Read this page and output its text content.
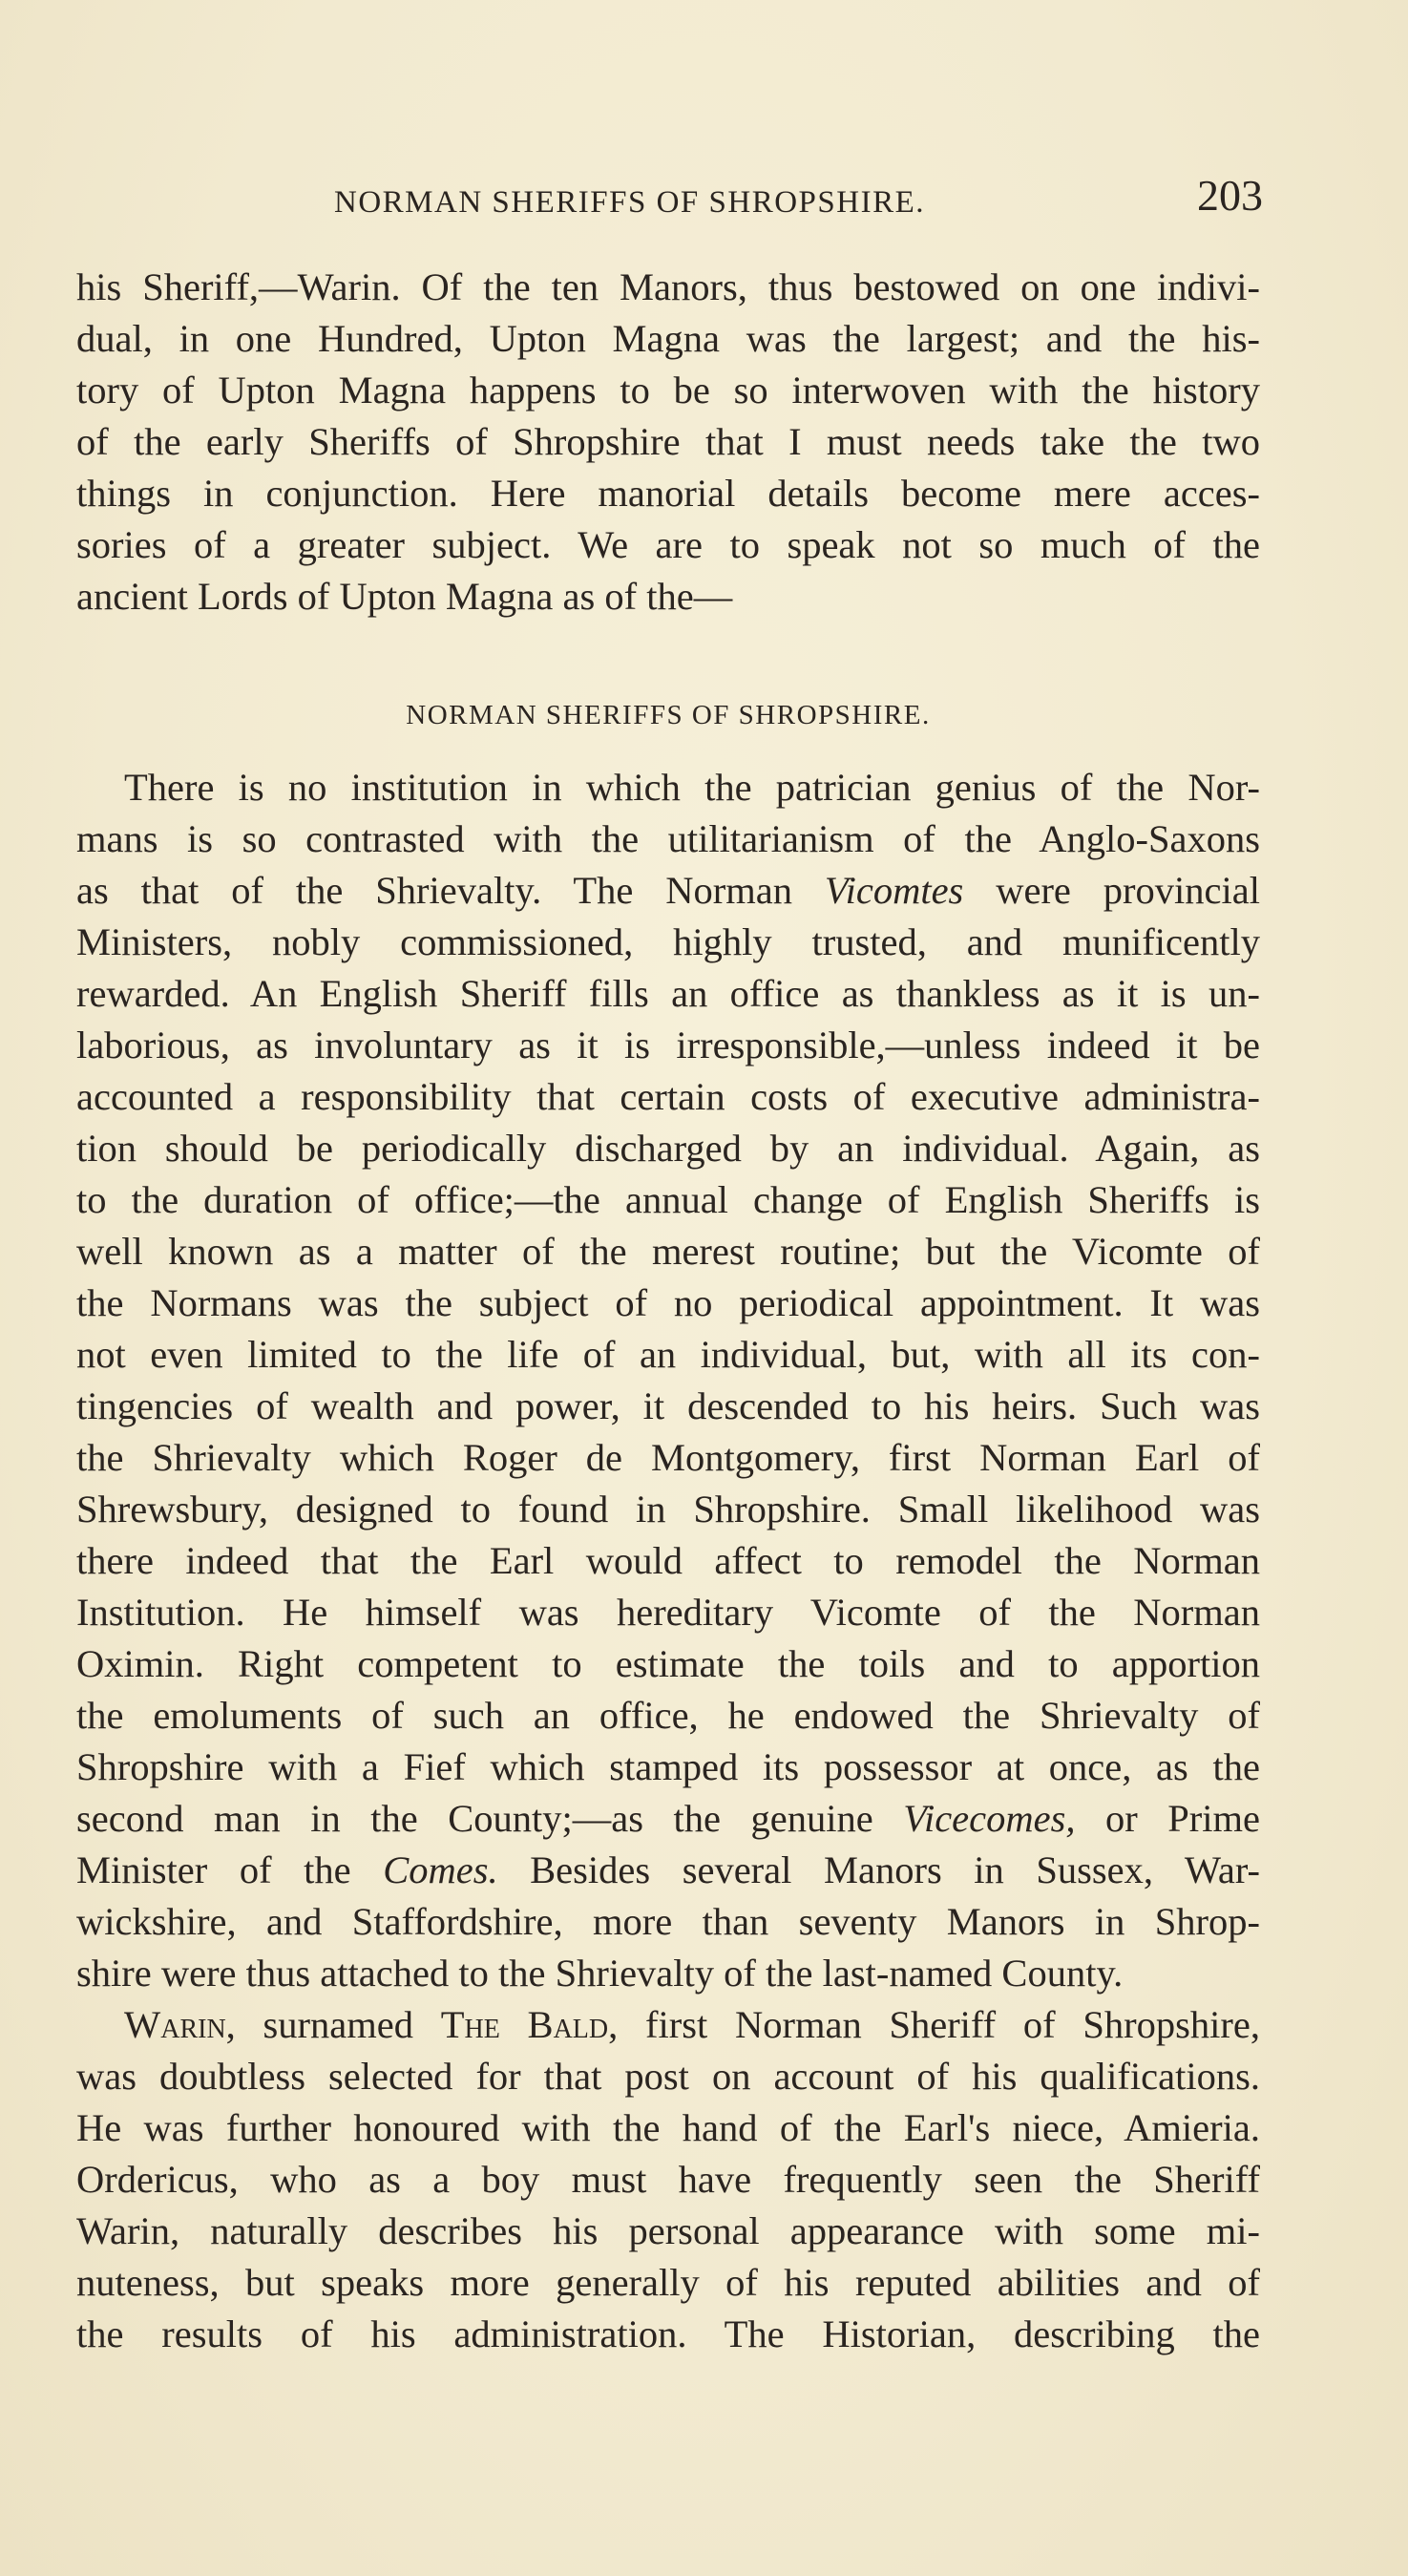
NORMAN SHERIFFS OF SHROPSHIRE.	203
his Sheriff,—Warin. Of the ten Manors, thus bestowed on one indivi-
dual, in one Hundred, Upton Magna was the largest; and the his-
tory of Upton Magna happens to be so interwoven with the history
of the early Sheriffs of Shropshire that I must needs take the two
things in conjunction. Here manorial details become mere acces-
sories of a greater subject. We are to speak not so much of the
ancient Lords of Upton Magna as of the—
NORMAN SHERIFFS OF SHROPSHIRE.
There is no institution in which the patrician genius of the Nor-
mans is so contrasted with the utilitarianism of the Anglo-Saxons
as that of the Shrievalty. The Norman Vicomtes were provincial
Ministers, nobly commissioned, highly trusted, and munificently
rewarded. An English Sheriff fills an office as thankless as it is un-
laborious, as involuntary as it is irresponsible,—unless indeed it be
accounted a responsibility that certain costs of executive administra-
tion should be periodically discharged by an individual. Again, as
to the duration of office;—the annual change of English Sheriffs is
well known as a matter of the merest routine; but the Vicomte of
the Normans was the subject of no periodical appointment. It was
not even limited to the life of an individual, but, with all its con-
tingencies of wealth and power, it descended to his heirs. Such was
the Shrievalty which Roger de Montgomery, first Norman Earl of
Shrewsbury, designed to found in Shropshire. Small likelihood was
there indeed that the Earl would affect to remodel the Norman
Institution. He himself was hereditary Vicomte of the Norman
Oximin. Right competent to estimate the toils and to apportion
the emoluments of such an office, he endowed the Shrievalty of
Shropshire with a Fief which stamped its possessor at once, as the
second man in the County;—as the genuine Vicecomes, or Prime
Minister of the Comes. Besides several Manors in Sussex, War-
wickshire, and Staffordshire, more than seventy Manors in Shrop-
shire were thus attached to the Shrievalty of the last-named County.
Warin, surnamed The Bald, first Norman Sheriff of Shropshire,
was doubtless selected for that post on account of his qualifications.
He was further honoured with the hand of the Earl's niece, Amieria.
Ordericus, who as a boy must have frequently seen the Sheriff
Warin, naturally describes his personal appearance with some mi-
nuteness, but speaks more generally of his reputed abilities and of
the results of his administration. The Historian, describing the
